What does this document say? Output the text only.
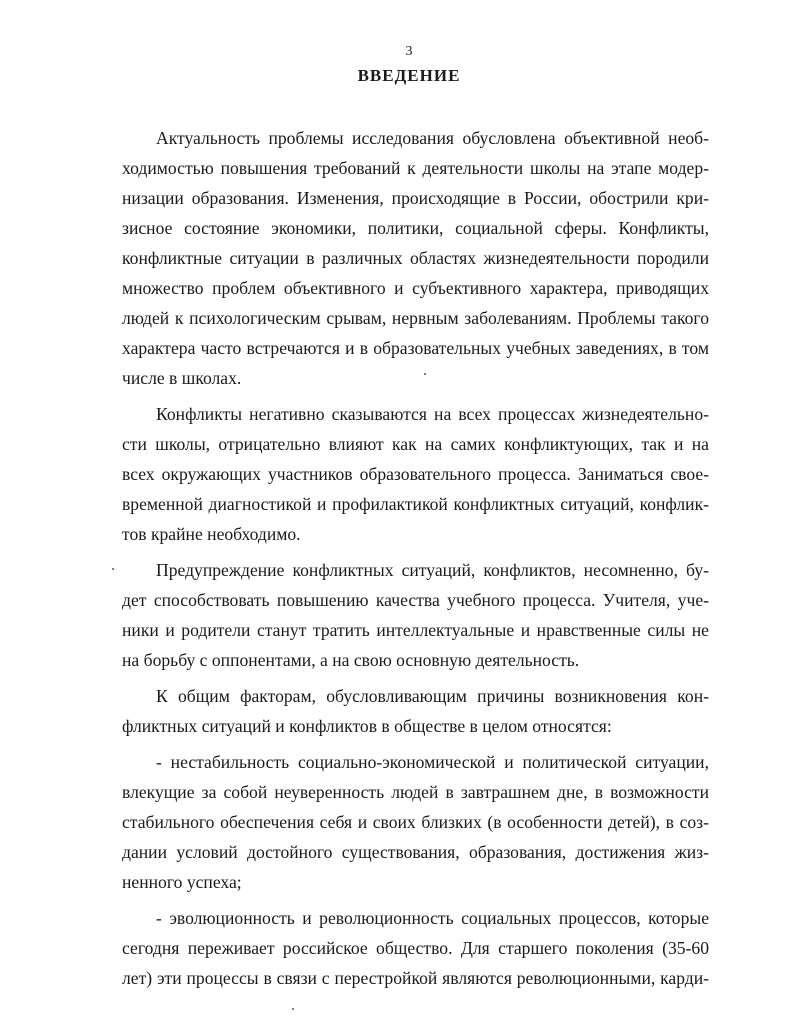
3
ВВЕДЕНИЕ

Актуальность проблемы исследования обусловлена объективной необ-
ходимостью повышения требований к деятельности школы на этапе модер-
низации образования. Изменения, происходящие в России, обострили кри-
зисное состояние экономики, политики, социальной сферы. Конфликты,
конфликтные ситуации в различных областях жизнедеятельности породили
множество проблем объективного и субъективного характера, приводящих
людей к психологическим срывам, нервным заболеваниям. Проблемы такого
характера часто встречаются и в образовательных учебных заведениях, в том
числе в школах.

Конфликты негативно сказываются на всех процессах жизнедеятельно-
сти школы, отрицательно влияют как на самих конфликтующих, так и на
всех окружающих участников образовательного процесса. Заниматься свое-
временной диагностикой и профилактикой конфликтных ситуаций, конфлик-
тов крайне необходимо.

Предупреждение конфликтных ситуаций, конфликтов, несомненно, бу-
дет способствовать повышению качества учебного процесса. Учителя, уче-
ники и родители станут тратить интеллектуальные и нравственные силы не
на борьбу с оппонентами, а на свою основную деятельность.

К общим факторам, обусловливающим причины возникновения кон-
фликтных ситуаций и конфликтов в обществе в целом относятся:

- нестабильность социально-экономической и политической ситуации,
влекущие за собой неуверенность людей в завтрашнем дне, в возможности
стабильного обеспечения себя и своих близких (в особенности детей), в соз-
дании условий достойного существования, образования, достижения жиз-
ненного успеха;

- эволюционность и революционность социальных процессов, которые
сегодня переживает российское общество. Для старшего поколения (35-60
лет) эти процессы в связи с перестройкой являются революционными, карди-
